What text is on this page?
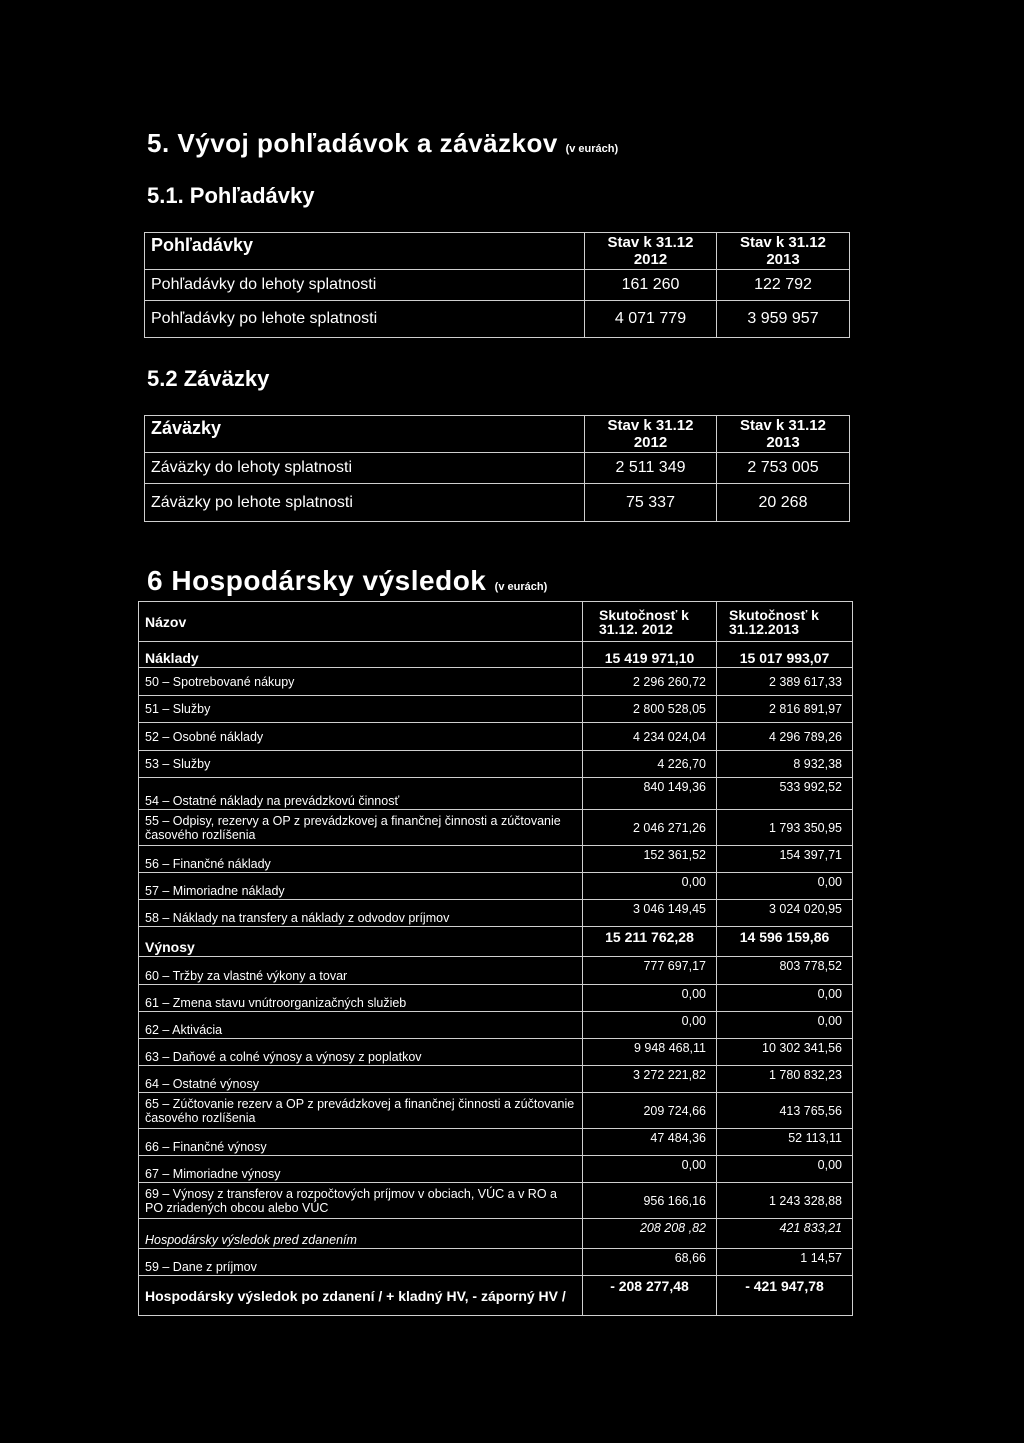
5. Vývoj pohľadávok a záväzkov (v eurách)
5.1. Pohľadávky
Pohľadávky	Stav k 31.12 2012	Stav k 31.12 2013
Pohľadávky do lehoty splatnosti	161 260	122 792
Pohľadávky po lehote splatnosti	4 071 779	3 959 957
5.2 Záväzky
Záväzky	Stav k 31.12 2012	Stav k 31.12 2013
Záväzky do lehoty splatnosti	2 511 349	2 753 005
Záväzky po lehote splatnosti	75 337	20 268
6 Hospodársky výsledok (v eurách)
Názov	Skutočnosť k 31.12. 2012	Skutočnosť k 31.12.2013
Náklady	15 419 971,10	15 017 993,07
50 – Spotrebované nákupy	2 296 260,72	2 389 617,33
51 – Služby	2 800 528,05	2 816 891,97
52 – Osobné náklady	4 234 024,04	4 296 789,26
53 – Služby	4 226,70	8 932,38
54 – Ostatné náklady na prevádzkovú činnosť	840 149,36	533 992,52
55 – Odpisy, rezervy a OP z prevádzkovej a finančnej činnosti a zúčtovanie časového rozlíšenia	2 046 271,26	1 793 350,95
56 – Finančné náklady	152 361,52	154 397,71
57 – Mimoriadne náklady	0,00	0,00
58 – Náklady na transfery a náklady z odvodov príjmov	3 046 149,45	3 024 020,95
Výnosy	15 211 762,28	14 596 159,86
60 – Tržby za vlastné výkony a tovar	777 697,17	803 778,52
61 – Zmena stavu vnútroorganizačných služieb	0,00	0,00
62 – Aktivácia	0,00	0,00
63 – Daňové a colné výnosy a výnosy z poplatkov	9 948 468,11	10 302 341,56
64 – Ostatné výnosy	3 272 221,82	1 780 832,23
65 – Zúčtovanie rezerv a OP z prevádzkovej a finančnej činnosti a zúčtovanie časového rozlíšenia	209 724,66	413 765,56
66 – Finančné výnosy	47 484,36	52 113,11
67 – Mimoriadne výnosy	0,00	0,00
69 – Výnosy z transferov a rozpočtových príjmov v obciach, VÚC a v RO a PO zriadených obcou alebo VÚC	956 166,16	1 243 328,88
Hospodársky výsledok pred zdanením	208 208 ,82	421 833,21
59 – Dane z príjmov	68,66	1 14,57
Hospodársky výsledok po zdanení / + kladný HV, - záporný HV /	- 208 277,48	- 421 947,78
